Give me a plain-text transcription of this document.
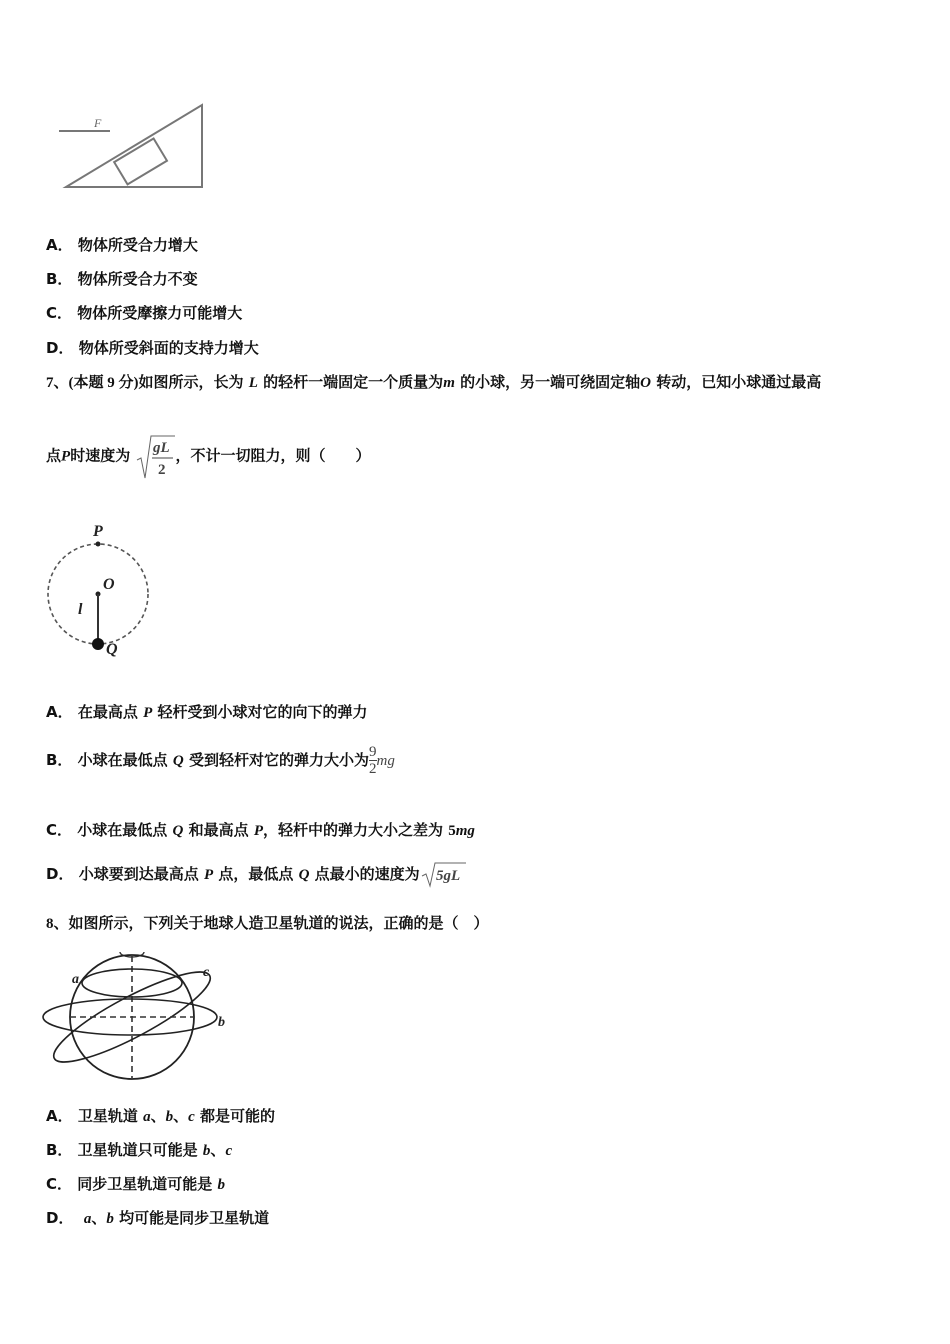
F
A． 物体所受合力增大
B． 物体所受合力不变
C． 物体所受摩擦力可能增大
D． 物体所受斜面的支持力增大
7、(本题 9 分)如图所示，长为 L 的轻杆一端固定一个质量为m 的小球，另一端可绕固定轴O 转动，已知小球通过最高
点P时速度为 gL
2
，不计一切阻力，则（　　）
P
O
l
Q
A． 在最高点 P 轻杆受到小球对它的向下的弹力
B． 小球在最低点 Q 受到轻杆对它的弹力大小为 $\frac{9}{2}$ mg
C． 小球在最低点 Q 和最高点 P，轻杆中的弹力大小之差为 5mg
D． 小球要到达最高点 P 点，最低点 Q 点最小的速度为 5gL
8、如图所示，下列关于地球人造卫星轨道的说法，正确的是（　）
a
b
c
A． 卫星轨道 a、b、c 都是可能的
B． 卫星轨道只可能是 b、c
C． 同步卫星轨道可能是 b
D． a、b 均可能是同步卫星轨道
